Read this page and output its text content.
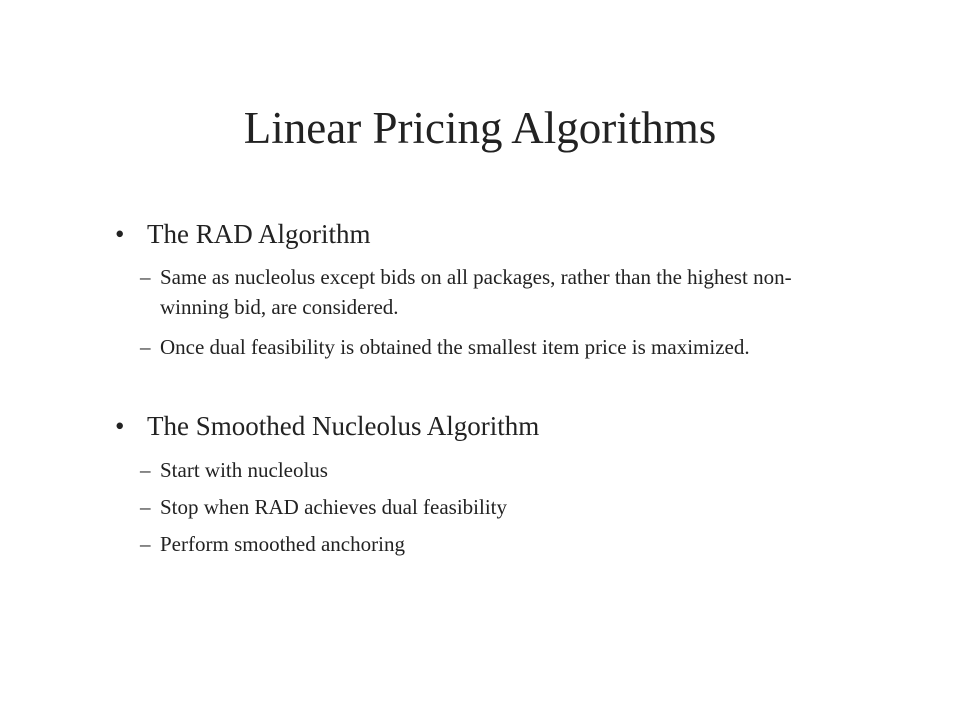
Linear Pricing Algorithms
• The RAD Algorithm
– Same as nucleolus except bids on all packages, rather than the highest non-winning bid, are considered.
– Once dual feasibility is obtained the smallest item price is maximized.
• The Smoothed Nucleolus Algorithm
– Start with nucleolus
– Stop when RAD achieves dual feasibility
– Perform smoothed anchoring
